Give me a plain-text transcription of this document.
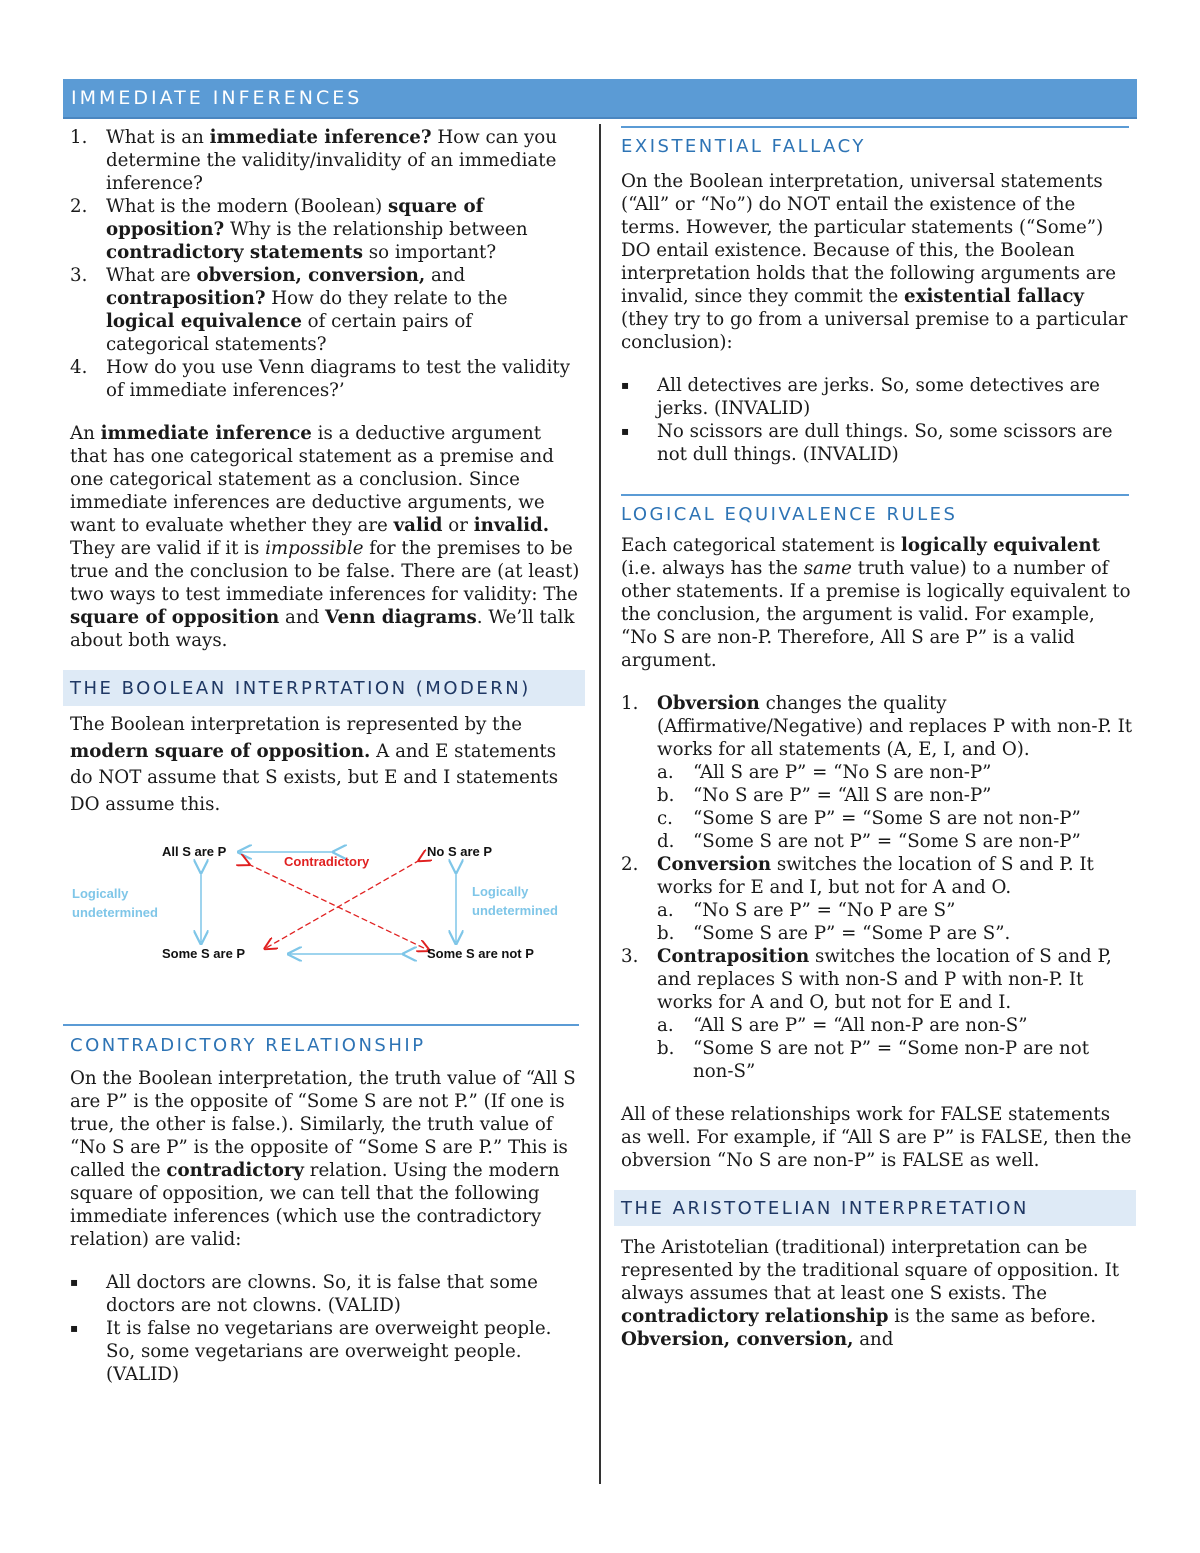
IMMEDIATE INFERENCES
1. What is an immediate inference? How can you determine the validity/invalidity of an immediate inference?
2. What is the modern (Boolean) square of opposition? Why is the relationship between contradictory statements so important?
3. What are obversion, conversion, and contraposition? How do they relate to the logical equivalence of certain pairs of categorical statements?
4. How do you use Venn diagrams to test the validity of immediate inferences?’

An immediate inference is a deductive argument that has one categorical statement as a premise and one categorical statement as a conclusion. Since immediate inferences are deductive arguments, we want to evaluate whether they are valid or invalid. They are valid if it is impossible for the premises to be true and the conclusion to be false. There are (at least) two ways to test immediate inferences for validity: The square of opposition and Venn diagrams. We’ll talk about both ways.

THE BOOLEAN INTERPRTATION (MODERN)

The Boolean interpretation is represented by the modern square of opposition. A and E statements do NOT assume that S exists, but E and I statements DO assume this.

All S are P	No S are P
Some S are P	Some S are not P
Contradictory
Logically
undetermined
Logically
undetermined
CONTRADICTORY RELATIONSHIP

On the Boolean interpretation, the truth value of “All S are P” is the opposite of “Some S are not P.” (If one is true, the other is false.). Similarly, the truth value of “No S are P” is the opposite of “Some S are P.” This is called the contradictory relation. Using the modern square of opposition, we can tell that the following immediate inferences (which use the contradictory relation) are valid:

▪ All doctors are clowns. So, it is false that some doctors are not clowns. (VALID)
▪ It is false no vegetarians are overweight people. So, some vegetarians are overweight people. (VALID)
EXISTENTIAL FALLACY

On the Boolean interpretation, universal statements (“All” or “No”) do NOT entail the existence of the terms. However, the particular statements (“Some”) DO entail existence. Because of this, the Boolean interpretation holds that the following arguments are invalid, since they commit the existential fallacy (they try to go from a universal premise to a particular conclusion):

▪ All detectives are jerks. So, some detectives are jerks. (INVALID)
▪ No scissors are dull things. So, some scissors are not dull things. (INVALID)
LOGICAL EQUIVALENCE RULES

Each categorical statement is logically equivalent (i.e. always has the same truth value) to a number of other statements. If a premise is logically equivalent to the conclusion, the argument is valid. For example, “No S are non-P. Therefore, All S are P” is a valid argument.

1. Obversion changes the quality (Affirmative/Negative) and replaces P with non-P. It works for all statements (A, E, I, and O).
a. “All S are P” = “No S are non-P”
b. “No S are P” = “All S are non-P”
c. “Some S are P” = “Some S are not non-P”
d. “Some S are not P” = “Some S are non-P”
2. Conversion switches the location of S and P. It works for E and I, but not for A and O.
a. “No S are P” = “No P are S”
b. “Some S are P” = “Some P are S”.
3. Contraposition switches the location of S and P, and replaces S with non-S and P with non-P. It works for A and O, but not for E and I.
a. “All S are P” = “All non-P are non-S”
b. “Some S are not P” = “Some non-P are not non-S”

All of these relationships work for FALSE statements as well. For example, if “All S are P” is FALSE, then the obversion “No S are non-P” is FALSE as well.

THE ARISTOTELIAN INTERPRETATION

The Aristotelian (traditional) interpretation can be represented by the traditional square of opposition. It always assumes that at least one S exists. The contradictory relationship is the same as before. Obversion, conversion, and
